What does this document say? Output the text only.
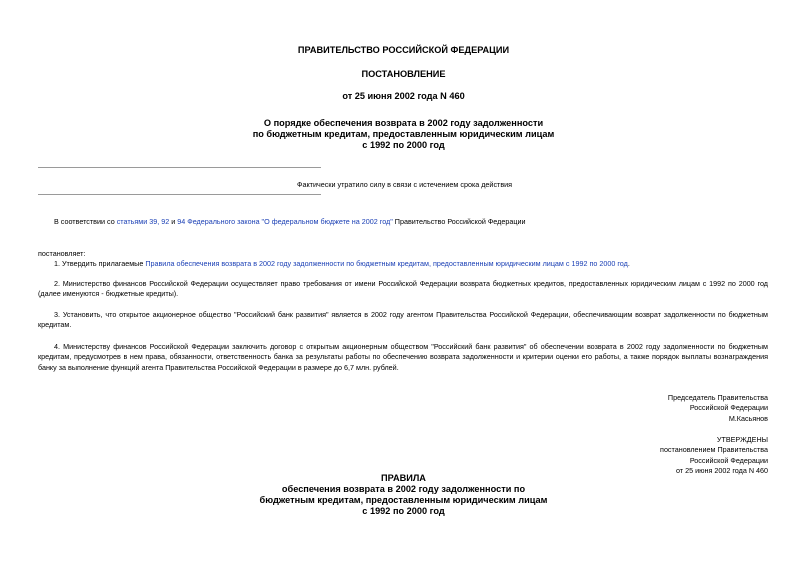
ПРАВИТЕЛЬСТВО РОССИЙСКОЙ ФЕДЕРАЦИИ
ПОСТАНОВЛЕНИЕ
от 25 июня 2002 года N 460
О порядке обеспечения возврата в 2002 году задолженности
по бюджетным кредитам, предоставленным юридическим лицам
с 1992 по 2000 год
Фактически утратило силу в связи с истечением срока действия
В соответствии со статьями 39, 92 и 94 Федерального закона "О федеральном бюджете на 2002 год" Правительство Российской Федерации
постановляет:
1. Утвердить прилагаемые Правила обеспечения возврата в 2002 году задолженности по бюджетным кредитам, предоставленным юридическим лицам с 1992 по 2000 год.
2. Министерство финансов Российской Федерации осуществляет право требования от имени Российской Федерации возврата бюджетных кредитов, предоставленных юридическим лицам с 1992 по 2000 год (далее именуются - бюджетные кредиты).
3. Установить, что открытое акционерное общество "Российский банк развития" является в 2002 году агентом Правительства Российской Федерации, обеспечивающим возврат задолженности по бюджетным кредитам.
4. Министерству финансов Российской Федерации заключить договор с открытым акционерным обществом "Российский банк развития" об обеспечении возврата в 2002 году задолженности по бюджетным кредитам, предусмотрев в нем права, обязанности, ответственность банка за результаты работы по обеспечению возврата задолженности и критерии оценки его работы, а также порядок выплаты вознаграждения банку за выполнение функций агента Правительства Российской Федерации в размере до 6,7 млн. рублей.
Председатель Правительства
Российской Федерации
М.Касьянов
УТВЕРЖДЕНЫ
постановлением Правительства
Российской Федерации
от 25 июня 2002 года N 460
ПРАВИЛА
обеспечения возврата в 2002 году задолженности по
бюджетным кредитам, предоставленным юридическим лицам
с 1992 по 2000 год
